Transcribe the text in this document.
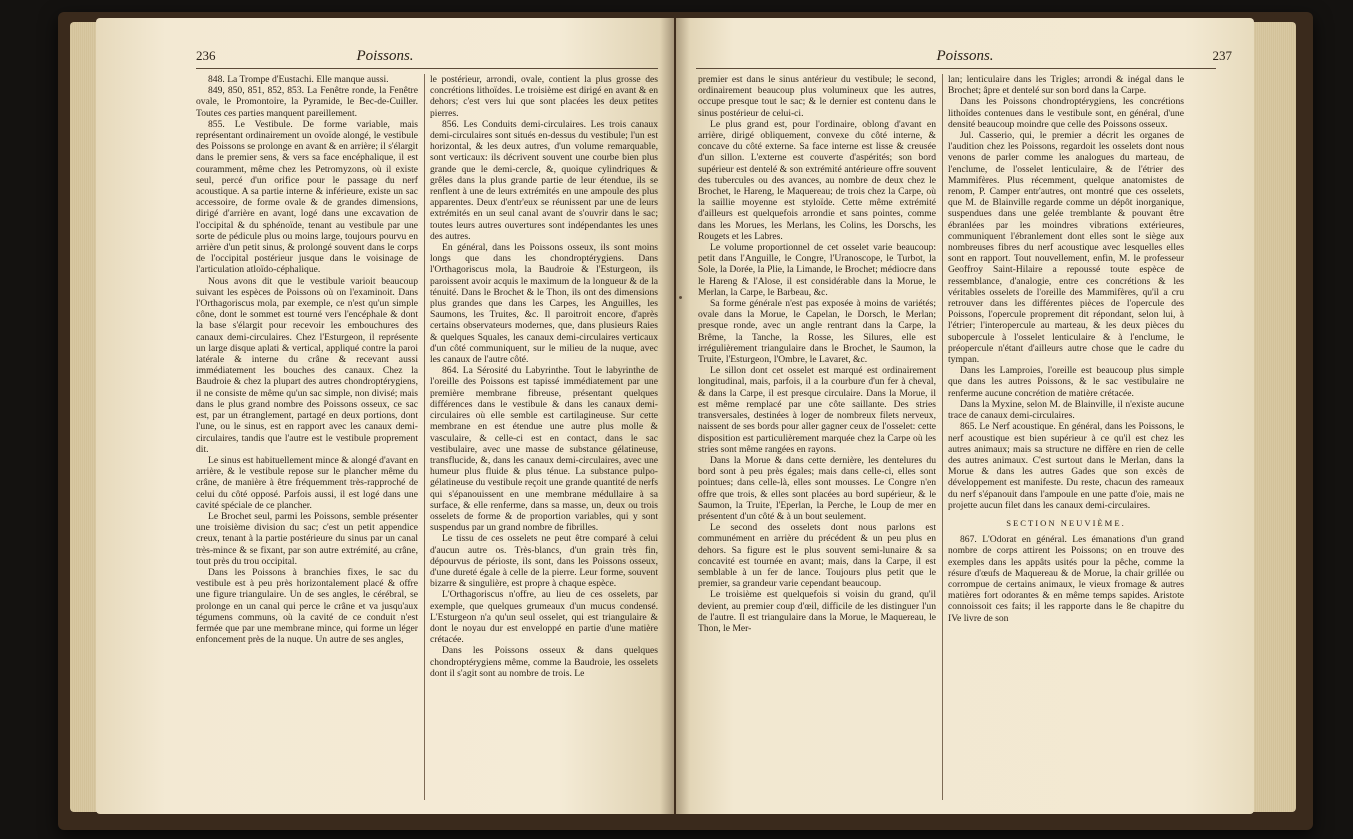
236	Poissons.

848. La Trompe d'Eustachi. Elle manque aussi.

849, 850, 851, 852, 853. La Fenêtre ronde, la Fenêtre ovale, le Promontoire, la Pyramide, le Bec-de-Cuiller. Toutes ces parties manquent pareillement.

855. Le Vestibule. De forme variable, mais représentant ordinairement un ovoïde alongé, le vestibule des Poissons se prolonge en avant & en arrière; il s'élargit dans le premier sens, & vers sa face encéphalique, il est couramment, même chez les Petromyzons, où il existe seul, percé d'un orifice pour le passage du nerf acoustique. A sa partie interne & inférieure, existe un sac accessoire, de forme ovale & de grandes dimensions, dirigé d'arrière en avant, logé dans une excavation de l'occipital & du sphénoïde, tenant au vestibule par une sorte de pédicule plus ou moins large, toujours pourvu en arrière d'un petit sinus, & prolongé souvent dans le corps de l'occipital postérieur jusque dans le voisinage de l'articulation atloïdo-céphalique.

Nous avons dit que le vestibule varioit beaucoup suivant les espèces de Poissons où on l'examinoit. Dans l'Orthagoriscus mola, par exemple, ce n'est qu'un simple cône, dont le sommet est tourné vers l'encéphale & dont la base s'élargit pour recevoir les embouchures des canaux demi-circulaires. Chez l'Esturgeon, il représente un large disque aplati & vertical, appliqué contre la paroi latérale & interne du crâne & recevant aussi immédiatement les bouches des canaux. Chez la Baudroie & chez la plupart des autres chondroptérygiens, il ne consiste de même qu'un sac simple, non divisé; mais dans le plus grand nombre des Poissons osseux, ce sac est, par un étranglement, partagé en deux portions, dont l'une, ou le sinus, est en rapport avec les canaux demi-circulaires, tandis que l'autre est le vestibule proprement dit.

Le sinus est habituellement mince & alongé d'avant en arrière, & le vestibule repose sur le plancher même du crâne, de manière à être fréquemment très-rapproché de celui du côté opposé. Parfois aussi, il est logé dans une cavité spéciale de ce plancher.

Le Brochet seul, parmi les Poissons, semble présenter une troisième division du sac; c'est un petit appendice creux, tenant à la partie postérieure du sinus par un canal très-mince & se fixant, par son autre extrémité, au crâne, tout près du trou occipital.

Dans les Poissons à branchies fixes, le sac du vestibule est à peu près horizontalement placé & offre une figure triangulaire. Un de ses angles, le cérébral, se prolonge en un canal qui perce le crâne et va jusqu'aux tégumens communs, où la cavité de ce conduit n'est fermée que par une membrane mince, qui forme un léger enfoncement près de la nuque. Un autre de ses angles,

le postérieur, arrondi, ovale, contient la plus grosse des concrétions lithoïdes. Le troisième est dirigé en avant & en dehors; c'est vers lui que sont placées les deux petites pierres.

856. Les Conduits demi-circulaires. Les trois canaux demi-circulaires sont situés en-dessus du vestibule; l'un est horizontal, & les deux autres, d'un volume remarquable, sont verticaux: ils décrivent souvent une courbe bien plus grande que le demi-cercle, &, quoique cylindriques & grêles dans la plus grande partie de leur étendue, ils se renflent à une de leurs extrémités en une ampoule des plus apparentes. Deux d'entr'eux se réunissent par une de leurs extrémités en un seul canal avant de s'ouvrir dans le sac; toutes leurs autres ouvertures sont indépendantes les unes des autres.

En général, dans les Poissons osseux, ils sont moins longs que dans les chondroptérygiens. Dans l'Orthagoriscus mola, la Baudroie & l'Esturgeon, ils paroissent avoir acquis le maximum de la longueur & de la ténuité. Dans le Brochet & le Thon, ils ont des dimensions plus grandes que dans les Carpes, les Anguilles, les Saumons, les Truites, &c. Il paroitroit encore, d'après certains observateurs modernes, que, dans plusieurs Raies & quelques Squales, les canaux demi-circulaires verticaux d'un côté communiquent, sur le milieu de la nuque, avec les canaux de l'autre côté.

864. La Sérosité du Labyrinthe. Tout le labyrinthe de l'oreille des Poissons est tapissé immédiatement par une première membrane fibreuse, présentant quelques différences dans le vestibule & dans les canaux demi-circulaires où elle semble est cartilagineuse. Sur cette membrane en est étendue une autre plus molle & vasculaire, & celle-ci est en contact, dans le sac vestibulaire, avec une masse de substance gélatineuse, transflucide, &, dans les canaux demi-circulaires, avec une humeur plus fluide & plus ténue. La substance pulpo-gélatineuse du vestibule reçoit une grande quantité de nerfs qui s'épanouissent en une membrane médullaire à sa surface, & elle renferme, dans sa masse, un, deux ou trois osselets de forme & de proportion variables, qui y sont suspendus par un grand nombre de fibrilles.

Le tissu de ces osselets ne peut être comparé à celui d'aucun autre os. Très-blancs, d'un grain très fin, dépourvus de périoste, ils sont, dans les Poissons osseux, d'une dureté égale à celle de la pierre. Leur forme, souvent bizarre & singulière, est propre à chaque espèce.

L'Orthagoriscus n'offre, au lieu de ces osselets, par exemple, que quelques grumeaux d'un mucus condensé. L'Esturgeon n'a qu'un seul osselet, qui est triangulaire & dont le noyau dur est enveloppé en partie d'une matière crétacée.

Dans les Poissons osseux & dans quelques chondroptérygiens même, comme la Baudroie, les osselets dont il s'agit sont au nombre de trois. Le

Poissons.	237

premier est dans le sinus antérieur du vestibule; le second, ordinairement beaucoup plus volumineux que les autres, occupe presque tout le sac; & le dernier est contenu dans le sinus postérieur de celui-ci.

Le plus grand est, pour l'ordinaire, oblong d'avant en arrière, dirigé obliquement, convexe du côté interne, & concave du côté externe. Sa face interne est lisse & creusée d'un sillon. L'externe est couverte d'aspérités; son bord supérieur est dentelé & son extrémité antérieure offre souvent des tubercules ou des avances, au nombre de deux chez le Brochet, le Hareng, le Maquereau; de trois chez la Carpe, où la saillie moyenne est styloïde. Cette même extrémité d'ailleurs est quelquefois arrondie et sans pointes, comme dans les Morues, les Merlans, les Colins, les Dorschs, les Rougets et les Labres.

Le volume proportionnel de cet osselet varie beaucoup: petit dans l'Anguille, le Congre, l'Uranoscope, le Turbot, la Sole, la Dorée, la Plie, la Limande, le Brochet; médiocre dans le Hareng & l'Alose, il est considérable dans la Morue, le Merlan, la Carpe, le Barbeau, &c.

Sa forme générale n'est pas exposée à moins de variétés; ovale dans la Morue, le Capelan, le Dorsch, le Merlan; presque ronde, avec un angle rentrant dans la Carpe, la Brême, la Tanche, la Rosse, les Silures, elle est irrégulièrement triangulaire dans le Brochet, le Saumon, la Truite, l'Esturgeon, l'Ombre, le Lavaret, &c.

Le sillon dont cet osselet est marqué est ordinairement longitudinal, mais, parfois, il a la courbure d'un fer à cheval, & dans la Carpe, il est presque circulaire. Dans la Morue, il est même remplacé par une côte saillante. Des stries transversales, destinées à loger de nombreux filets nerveux, naissent de ses bords pour aller gagner ceux de l'osselet: cette disposition est particulièrement marquée chez la Carpe où les stries sont même rangées en rayons.

Dans la Morue & dans cette dernière, les dentelures du bord sont à peu près égales; mais dans celle-ci, elles sont pointues; dans celle-là, elles sont mousses. Le Congre n'en offre que trois, & elles sont placées au bord supérieur, & le Saumon, la Truite, l'Eperlan, la Perche, le Loup de mer en présentent d'un côté & à un bout seulement.

Le second des osselets dont nous parlons est communément en arrière du précédent & un peu plus en dehors. Sa figure est le plus souvent semi-lunaire & sa concavité est tournée en avant; mais, dans la Carpe, il est semblable à un fer de lance. Toujours plus petit que le premier, sa grandeur varie cependant beaucoup.

Le troisième est quelquefois si voisin du grand, qu'il devient, au premier coup d'œil, difficile de les distinguer l'un de l'autre. Il est triangulaire dans la Morue, le Maquereau, le Thon, le Mer-

lan; lenticulaire dans les Trigles; arrondi & inégal dans le Brochet; âpre et dentelé sur son bord dans la Carpe.

Dans les Poissons chondroptérygiens, les concrétions lithoïdes contenues dans le vestibule sont, en général, d'une densité beaucoup moindre que celle des Poissons osseux.

Jul. Casserio, qui, le premier a décrit les organes de l'audition chez les Poissons, regardoit les osselets dont nous venons de parler comme les analogues du marteau, de l'enclume, de l'osselet lenticulaire, & de l'étrier des Mammifères. Plus récemment, quelque anatomistes de renom, P. Camper entr'autres, ont montré que ces osselets, que M. de Blainville regarde comme un dépôt inorganique, suspendues dans une gelée tremblante & pouvant être ébranlées par les moindres vibrations extérieures, communiquent l'ébranlement dont elles sont le siège aux nombreuses fibres du nerf acoustique avec lesquelles elles sont en rapport. Tout nouvellement, enfin, M. le professeur Geoffroy Saint-Hilaire a repoussé toute espèce de ressemblance, d'analogie, entre ces concrétions & les véritables osselets de l'oreille des Mammifères, qu'il a cru retrouver dans les différentes pièces de l'opercule des Poissons, l'opercule proprement dit répondant, selon lui, à l'étrier; l'interopercule au marteau, & les deux pièces du subopercule à l'osselet lenticulaire & à l'enclume, le préopercule n'étant d'ailleurs autre chose que le cadre du tympan.

Dans les Lamproies, l'oreille est beaucoup plus simple que dans les autres Poissons, & le sac vestibulaire ne renferme aucune concrétion de matière crétacée.

Dans la Myxine, selon M. de Blainville, il n'existe aucune trace de canaux demi-circulaires.

865. Le Nerf acoustique. En général, dans les Poissons, le nerf acoustique est bien supérieur à ce qu'il est chez les autres animaux; mais sa structure ne diffère en rien de celle des autres animaux. C'est surtout dans le Merlan, dans la Morue & dans les autres Gades que son excès de développement est manifeste. Du reste, chacun des rameaux du nerf s'épanouit dans l'ampoule en une patte d'oie, mais ne projette aucun filet dans les canaux demi-circulaires.

SECTION NEUVIÈME.

867. L'Odorat en général. Les émanations d'un grand nombre de corps attirent les Poissons; on en trouve des exemples dans les appâts usités pour la pêche, comme la résure d'œufs de Maquereau & de Morue, la chair grillée ou corrompue de certains animaux, le vieux fromage & autres matières fort odorantes & en même temps sapides. Aristote connoissoit ces faits; il les rapporte dans le 8e chapitre du IVe livre de son
